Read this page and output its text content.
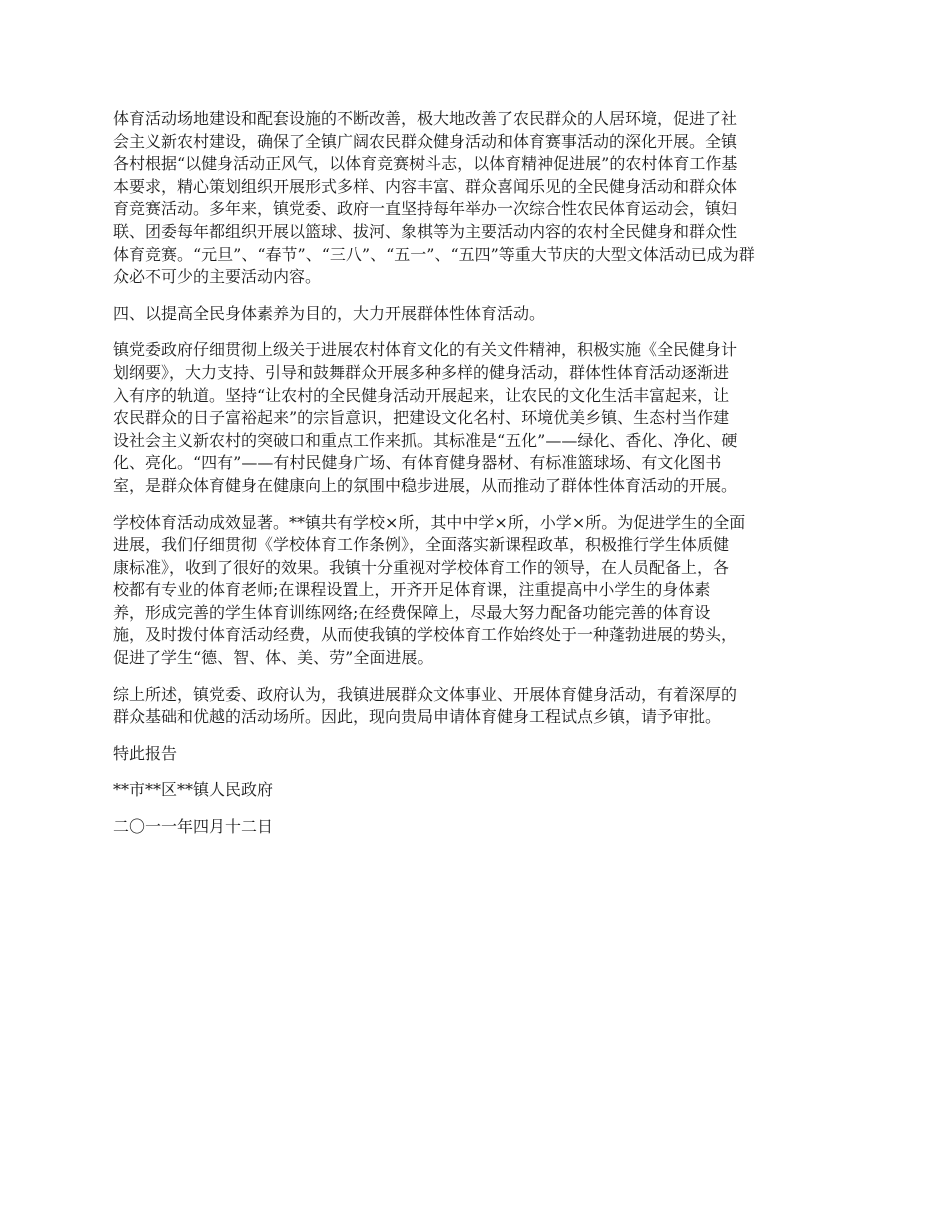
体育活动场地建设和配套设施的不断改善，极大地改善了农民群众的人居环境，促进了社
会主义新农村建设，确保了全镇广阔农民群众健身活动和体育赛事活动的深化开展。全镇
各村根据“以健身活动正风气，以体育竞赛树斗志，以体育精神促进展”的农村体育工作基
本要求，精心策划组织开展形式多样、内容丰富、群众喜闻乐见的全民健身活动和群众体
育竞赛活动。多年来，镇党委、政府一直坚持每年举办一次综合性农民体育运动会，镇妇
联、团委每年都组织开展以篮球、拔河、象棋等为主要活动内容的农村全民健身和群众性
体育竞赛。“元旦”、“春节”、“三八”、“五一”、“五四”等重大节庆的大型文体活动已成为群
众必不可少的主要活动内容。

四、以提高全民身体素养为目的，大力开展群体性体育活动。

镇党委政府仔细贯彻上级关于进展农村体育文化的有关文件精神，积极实施《全民健身计
划纲要》，大力支持、引导和鼓舞群众开展多种多样的健身活动，群体性体育活动逐渐进
入有序的轨道。坚持“让农村的全民健身活动开展起来，让农民的文化生活丰富起来，让
农民群众的日子富裕起来”的宗旨意识，把建设文化名村、环境优美乡镇、生态村当作建
设社会主义新农村的突破口和重点工作来抓。其标准是“五化”——绿化、香化、净化、硬
化、亮化。“四有”——有村民健身广场、有体育健身器材、有标准篮球场、有文化图书
室，是群众体育健身在健康向上的氛围中稳步进展，从而推动了群体性体育活动的开展。

学校体育活动成效显著。**镇共有学校×所，其中中学×所，小学×所。为促进学生的全面
进展，我们仔细贯彻《学校体育工作条例》，全面落实新课程政革，积极推行学生体质健
康标准》，收到了很好的效果。我镇十分重视对学校体育工作的领导，在人员配备上，各
校都有专业的体育老师;在课程设置上，开齐开足体育课，注重提高中小学生的身体素
养，形成完善的学生体育训练网络;在经费保障上，尽最大努力配备功能完善的体育设
施，及时拨付体育活动经费，从而使我镇的学校体育工作始终处于一种蓬勃进展的势头，
促进了学生“德、智、体、美、劳”全面进展。

综上所述，镇党委、政府认为，我镇进展群众文体事业、开展体育健身活动，有着深厚的
群众基础和优越的活动场所。因此，现向贵局申请体育健身工程试点乡镇，请予审批。

特此报告

**市**区**镇人民政府

二〇一一年四月十二日
